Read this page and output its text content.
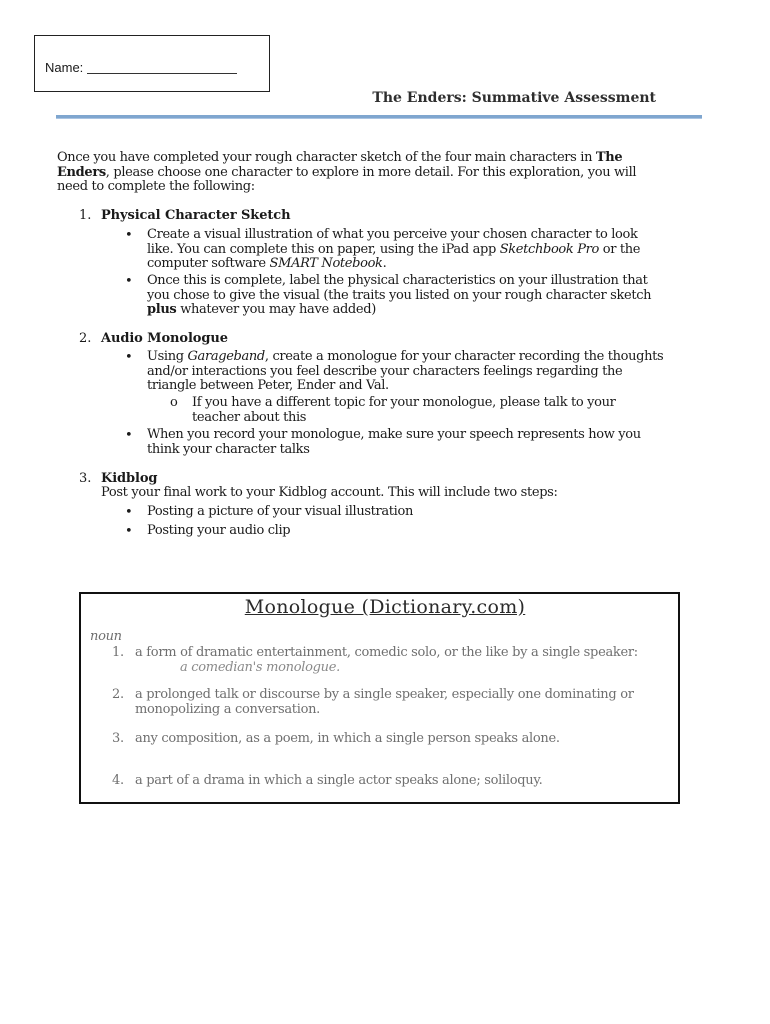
Name:
The Enders: Summative Assessment
Once you have completed your rough character sketch of the four main characters in The
Enders, please choose one character to explore in more detail. For this exploration, you will
need to complete the following:
1. Physical Character Sketch
• Create a visual illustration of what you perceive your chosen character to look
like. You can complete this on paper, using the iPad app Sketchbook Pro or the
computer software SMART Notebook.
• Once this is complete, label the physical characteristics on your illustration that
you chose to give the visual (the traits you listed on your rough character sketch
plus whatever you may have added)
2. Audio Monologue
• Using Garageband, create a monologue for your character recording the thoughts
and/or interactions you feel describe your characters feelings regarding the
triangle between Peter, Ender and Val.
o If you have a different topic for your monologue, please talk to your
teacher about this
• When you record your monologue, make sure your speech represents how you
think your character talks
3. Kidblog
Post your final work to your Kidblog account. This will include two steps:
• Posting a picture of your visual illustration
• Posting your audio clip
Monologue (Dictionary.com)
noun
1. a form of dramatic entertainment, comedic solo, or the like by a single speaker:
a comedian's monologue.
2. a prolonged talk or discourse by a single speaker, especially one dominating or
monopolizing a conversation.
3. any composition, as a poem, in which a single person speaks alone.
4. a part of a drama in which a single actor speaks alone; soliloquy.
